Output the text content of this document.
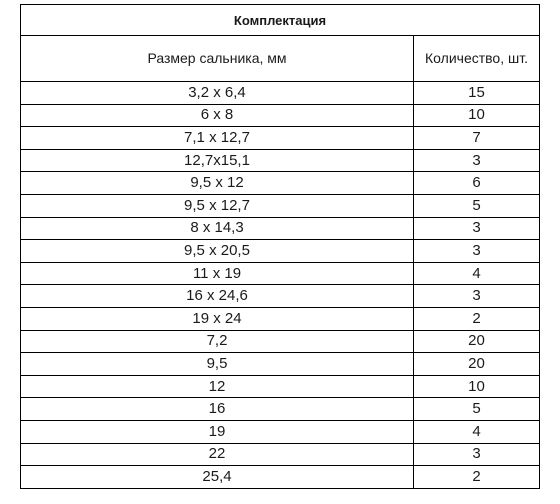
Комплектация	
Размер сальника, мм	Количество, шт.
3,2 х 6,4	15
6 х 8	10
7,1 х 12,7	7
12,7х15,1	3
9,5 х 12	6
9,5 х 12,7	5
8 х 14,3	3
9,5 х 20,5	3
11 х 19	4
16 х 24,6	3
19 х 24	2
7,2	20
9,5	20
12	10
16	5
19	4
22	3
25,4	2
